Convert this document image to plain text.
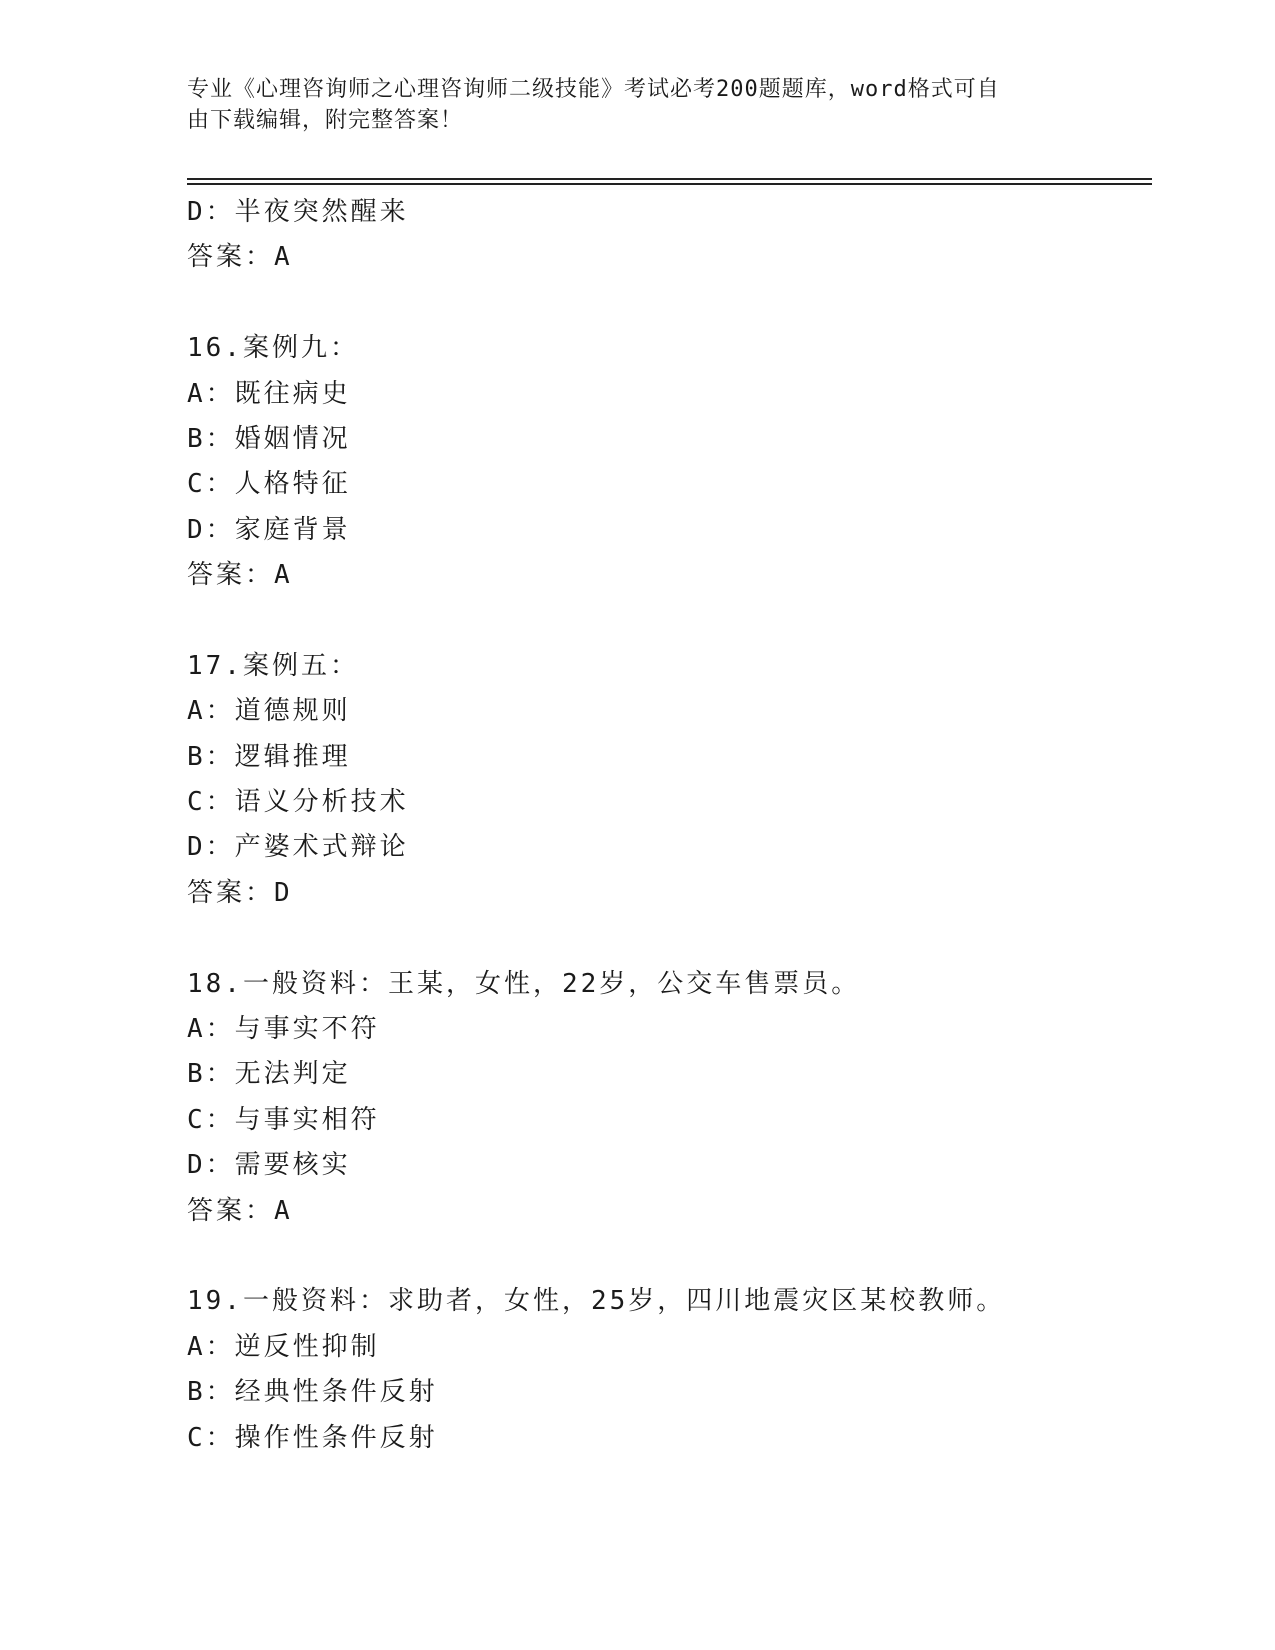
专业《心理咨询师之心理咨询师二级技能》考试必考200题题库，word格式可自
由下载编辑，附完整答案！
D：半夜突然醒来
答案：A
16.案例九：
A：既往病史
B：婚姻情况
C：人格特征
D：家庭背景
答案：A
17.案例五：
A：道德规则
B：逻辑推理
C：语义分析技术
D：产婆术式辩论
答案：D
18.一般资料：王某，女性，22岁，公交车售票员。
A：与事实不符
B：无法判定
C：与事实相符
D：需要核实
答案：A
19.一般资料：求助者，女性，25岁，四川地震灾区某校教师。
A：逆反性抑制
B：经典性条件反射
C：操作性条件反射
